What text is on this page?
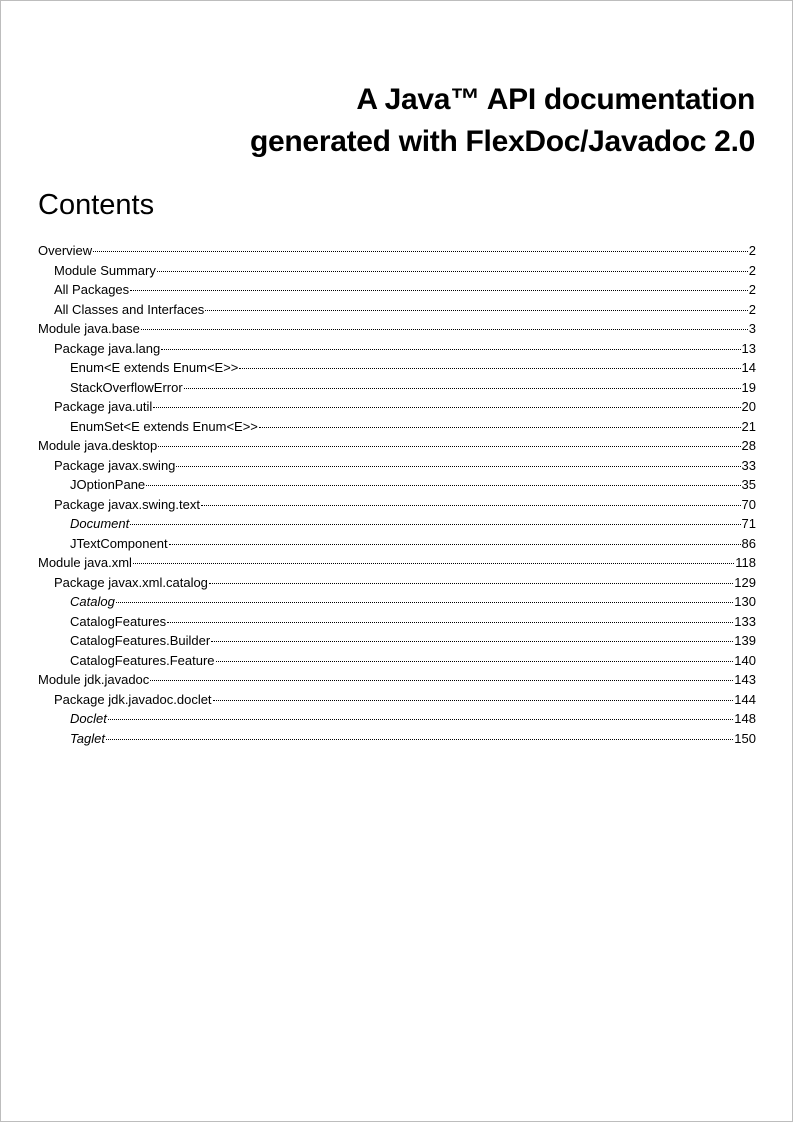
A Java™ API documentation
generated with FlexDoc/Javadoc 2.0
Contents
Overview	2
Module Summary	2
All Packages	2
All Classes and Interfaces	2
Module java.base	3
Package java.lang	13
Enum<E extends Enum<E>>	14
StackOverflowError	19
Package java.util	20
EnumSet<E extends Enum<E>>	21
Module java.desktop	28
Package javax.swing	33
JOptionPane	35
Package javax.swing.text	70
Document	71
JTextComponent	86
Module java.xml	118
Package javax.xml.catalog	129
Catalog	130
CatalogFeatures	133
CatalogFeatures.Builder	139
CatalogFeatures.Feature	140
Module jdk.javadoc	143
Package jdk.javadoc.doclet	144
Doclet	148
Taglet	150
